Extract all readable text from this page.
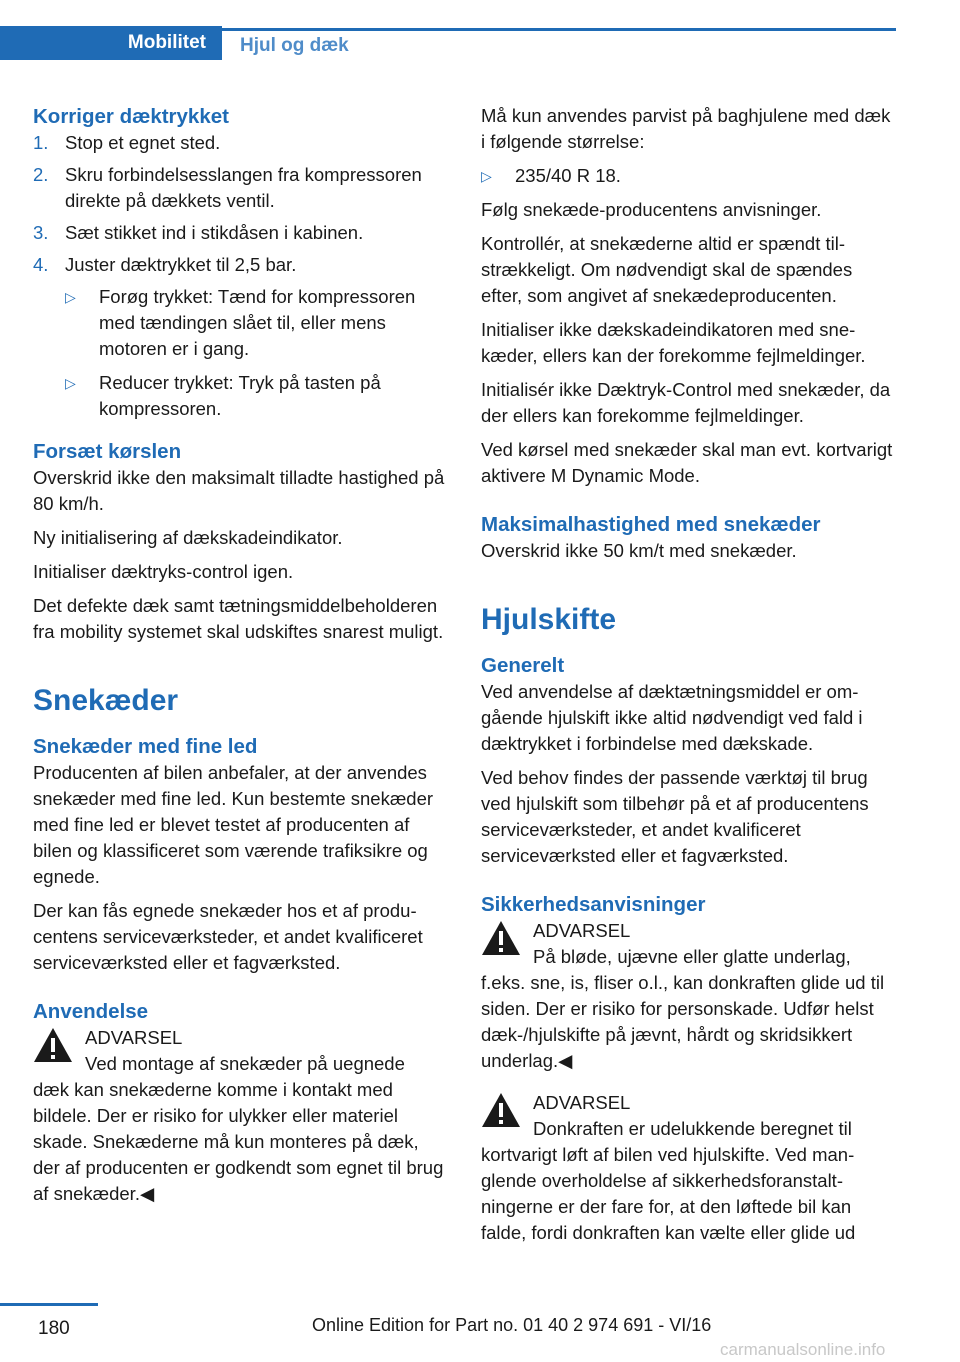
Mobilitet Hjul og dæk
Korriger dæktrykket
1. Stop et egnet sted.
2. Skru forbindelsesslangen fra kompressoren direkte på dækkets ventil.
3. Sæt stikket ind i stikdåsen i kabinen.
4. Juster dæktrykket til 2,5 bar.
▷ Forøg trykket: Tænd for kompressoren med tændingen slået til, eller mens motoren er i gang.
▷ Reducer trykket: Tryk på tasten på kompressoren.
Forsæt kørslen

Overskrid ikke den maksimalt tilladte hastighed på 80 km/h.

Ny initialisering af dækskadeindikator.

Initialiser dæktryks-control igen.

Det defekte dæk samt tætningsmiddelbeholderen fra mobility systemet skal udskiftes snarest muligt.

Snekæder
Snekæder med fine led

Producenten af bilen anbefaler, at der anvendes snekæder med fine led. Kun bestemte snekæder med fine led er blevet testet af producenten af bilen og klassificeret som værende trafiksikre og egnede.

Der kan fås egnede snekæder hos et af producentens serviceværksteder, et andet kvalificeret serviceværksted eller et fagværksted.

Anvendelse
ADVARSEL
Ved montage af snekæder på uegnede
dæk kan snekæderne komme i kontakt med bildele. Der er risiko for ulykker eller materiel skade. Snekæderne må kun monteres på dæk, der af producenten er godkendt som egnet til brug af snekæder.◀

Må kun anvendes parvist på baghjulene med dæk i følgende størrelse:

▷ 235/40 R 18.

Følg snekæde-producentens anvisninger.

Kontrollér, at snekæderne altid er spændt tilstrækkeligt. Om nødvendigt skal de spændes efter, som angivet af snekædeproducenten.

Initialiser ikke dækskadeindikatoren med snekæder, ellers kan der forekomme fejlmeldinger.

Initialisér ikke Dæktryk-Control med snekæder, da der ellers kan forekomme fejlmeldinger.

Ved kørsel med snekæder skal man evt. kortvarigt aktivere M Dynamic Mode.

Maksimalhastighed med snekæder

Overskrid ikke 50 km/t med snekæder.

Hjulskifte
Generelt

Ved anvendelse af dæktætningsmiddel er omgående hjulskift ikke altid nødvendigt ved fald i dæktrykket i forbindelse med dækskade.

Ved behov findes der passende værktøj til brug ved hjulskift som tilbehør på et af producentens serviceværksteder, et andet kvalificeret serviceværksted eller et fagværksted.

Sikkerhedsanvisninger
ADVARSEL
På bløde, ujævne eller glatte underlag,
f.eks. sne, is, fliser o.l., kan donkraften glide ud til siden. Der er risiko for personskade. Udfør helst dæk-/hjulskifte på jævnt, hårdt og skridsikkert underlag.◀
ADVARSEL
Donkraften er udelukkende beregnet til
kortvarigt løft af bilen ved hjulskifte. Ved manglende overholdelse af sikkerhedsforanstaltningerne er der fare for, at den løftede bil kan falde, fordi donkraften kan vælte eller glide ud
180	Online Edition for Part no. 01 40 2 974 691 - VI/16
carmanualsonline.info
